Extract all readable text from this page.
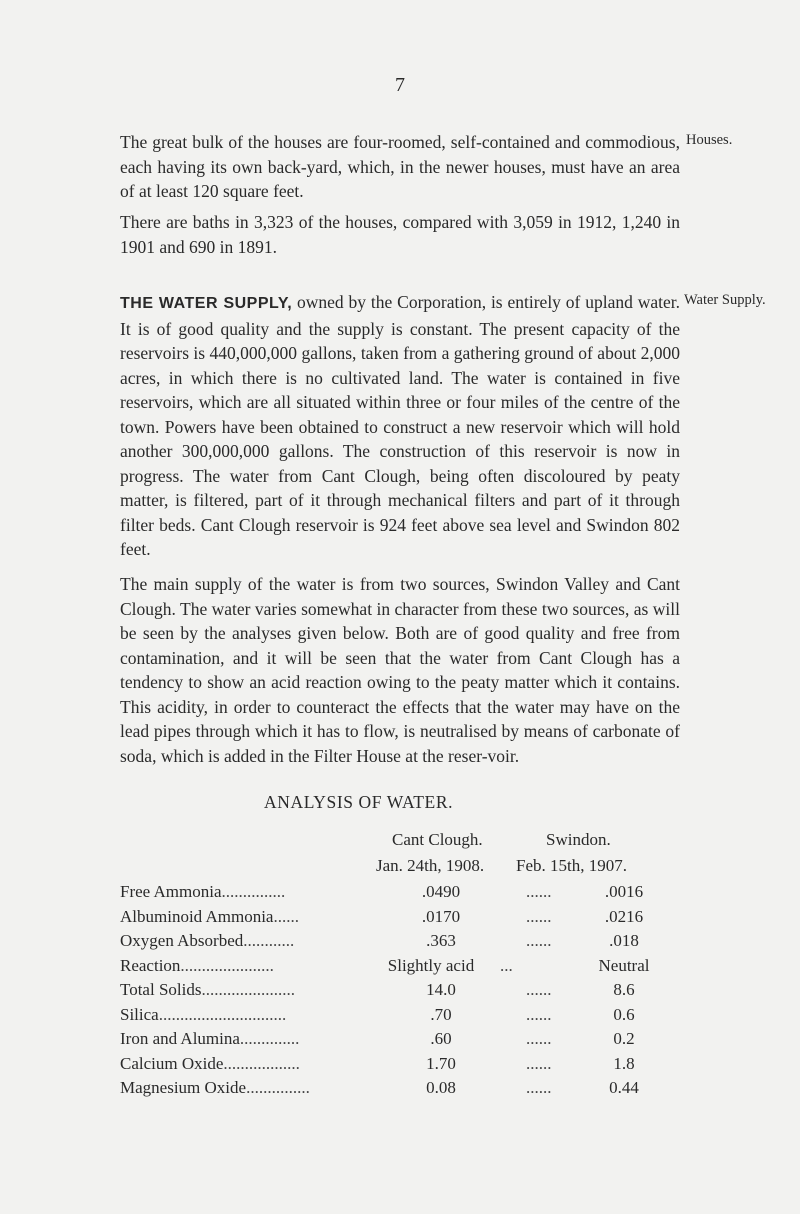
7

The great bulk of the houses are four-roomed, self-contained and commodious, each having its own back-yard, which, in the newer houses, must have an area of at least 120 square feet.

Houses.

There are baths in 3,323 of the houses, compared with 3,059 in 1912, 1,240 in 1901 and 690 in 1891.

THE WATER SUPPLY, owned by the Corporation, is entirely of upland water. It is of good quality and the supply is constant. The present capacity of the reservoirs is 440,000,000 gallons, taken from a gathering ground of about 2,000 acres, in which there is no cultivated land. The water is contained in five reservoirs, which are all situated within three or four miles of the centre of the town. Powers have been obtained to construct a new reservoir which will hold another 300,000,000 gallons. The construction of this reservoir is now in progress. The water from Cant Clough, being often discoloured by peaty matter, is filtered, part of it through mechanical filters and part of it through filter beds. Cant Clough reservoir is 924 feet above sea level and Swindon 802 feet.

Water Supply.

The main supply of the water is from two sources, Swindon Valley and Cant Clough. The water varies somewhat in character from these two sources, as will be seen by the analyses given below. Both are of good quality and free from contamination, and it will be seen that the water from Cant Clough has a tendency to show an acid reaction owing to the peaty matter which it contains. This acidity, in order to counteract the effects that the water may have on the lead pipes through which it has to flow, is neutralised by means of carbonate of soda, which is added in the Filter House at the reser-voir.

ANALYSIS OF WATER.
Cant Clough.	Swindon.
Jan. 24th, 1908. Feb. 15th, 1907.
Free Ammonia ...............	.0490	......	.0016
Albuminoid Ammonia ......	.0170	......	.0216
Oxygen Absorbed ............	.363	......	.018
Reaction ......................	Slightly acid	...	Neutral
Total Solids ......................	14.0	......	8.6
Silica ..............................	.70	......	0.6
Iron and Alumina ..............	.60	......	0.2
Calcium Oxide ..................	1.70	......	1.8
Magnesium Oxide ...............	0.08	......	0.44
